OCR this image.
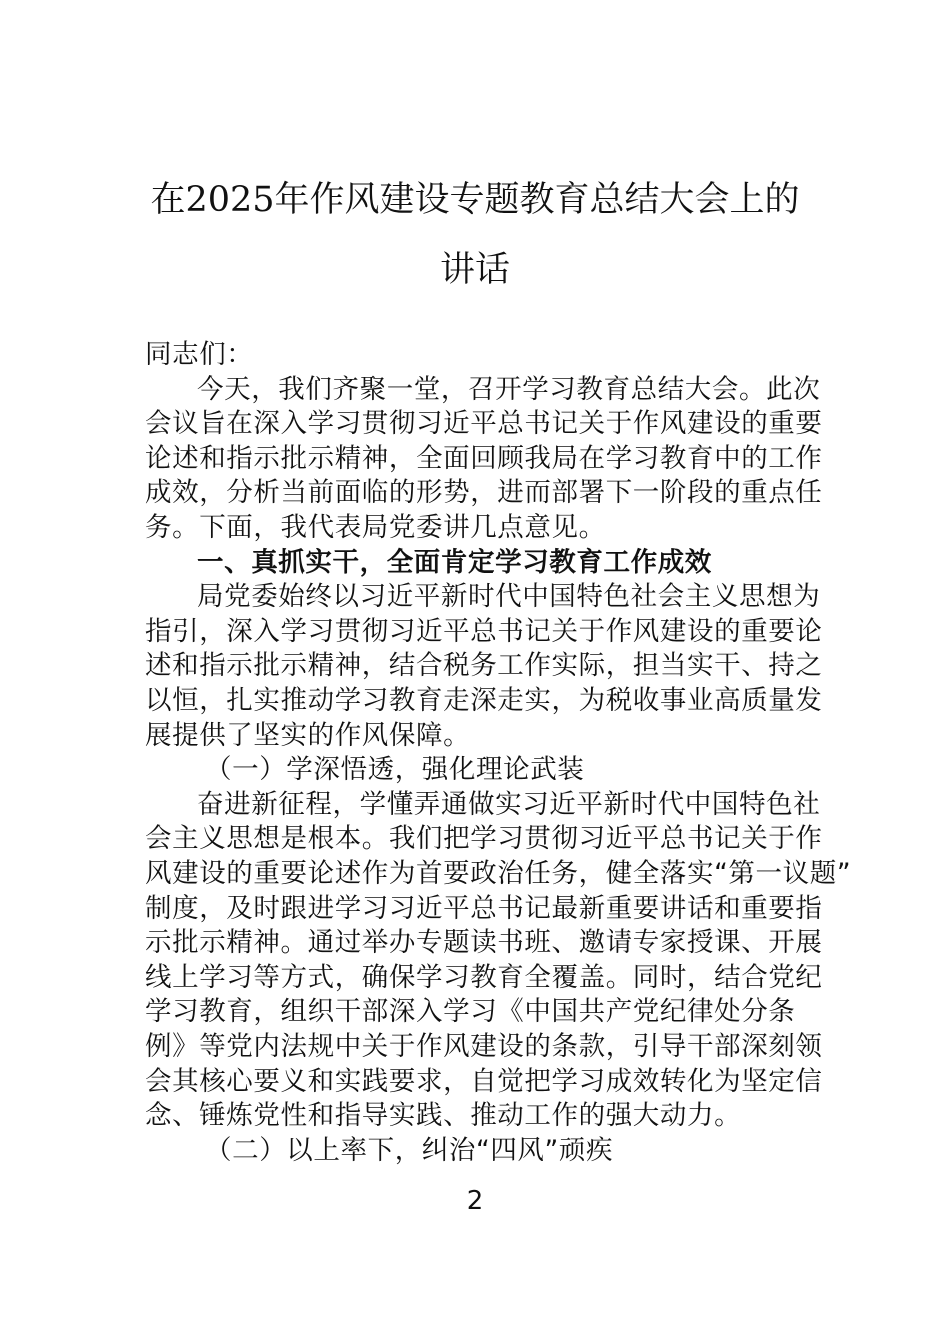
在2025年作风建设专题教育总结大会上的
讲话
同志们：
今天，我们齐聚一堂，召开学习教育总结大会。此次
会议旨在深入学习贯彻习近平总书记关于作风建设的重要
论述和指示批示精神，全面回顾我局在学习教育中的工作
成效，分析当前面临的形势，进而部署下一阶段的重点任
务。下面，我代表局党委讲几点意见。
一、真抓实干，全面肯定学习教育工作成效
局党委始终以习近平新时代中国特色社会主义思想为
指引，深入学习贯彻习近平总书记关于作风建设的重要论
述和指示批示精神，结合税务工作实际，担当实干、持之
以恒，扎实推动学习教育走深走实，为税收事业高质量发
展提供了坚实的作风保障。
（一）学深悟透，强化理论武装
奋进新征程，学懂弄通做实习近平新时代中国特色社
会主义思想是根本。我们把学习贯彻习近平总书记关于作
风建设的重要论述作为首要政治任务，健全落实“第一议题”
制度，及时跟进学习习近平总书记最新重要讲话和重要指
示批示精神。通过举办专题读书班、邀请专家授课、开展
线上学习等方式，确保学习教育全覆盖。同时，结合党纪
学习教育，组织干部深入学习《中国共产党纪律处分条
例》等党内法规中关于作风建设的条款，引导干部深刻领
会其核心要义和实践要求，自觉把学习成效转化为坚定信
念、锤炼党性和指导实践、推动工作的强大动力。
（二）以上率下，纠治“四风”顽疾
2
